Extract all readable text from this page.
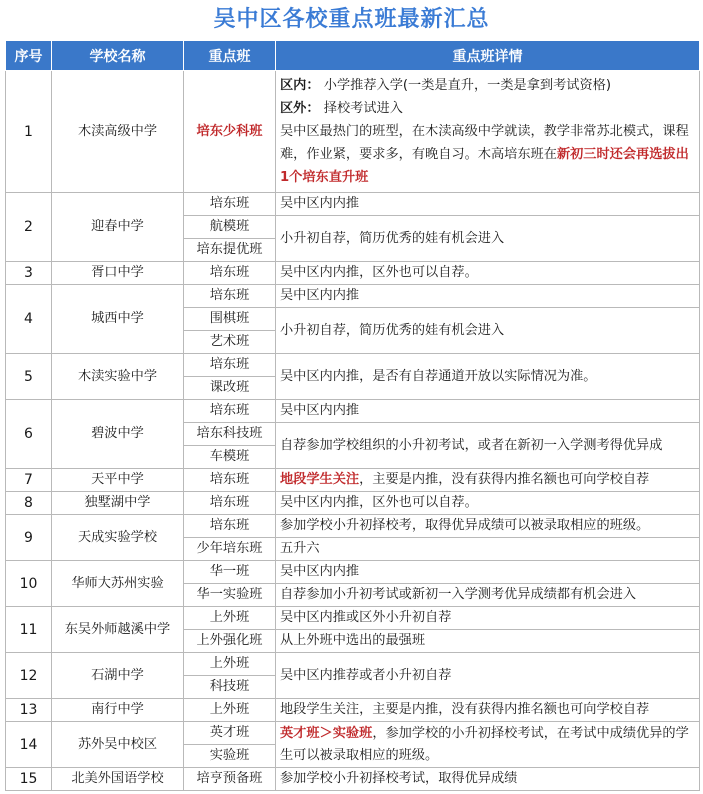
吴中区各校重点班最新汇总
序号	学校名称	重点班	重点班详情
1	木渎高级中学	培东少科班	区内： 小学推荐入学(一类是直升，一类是拿到考试资格)
区外： 择校考试进入
吴中区最热门的班型，在木渎高级中学就读，教学非常苏北模式，课程难，作业紧，要求多，有晚自习。木高培东班在新初三时还会再选拔出1个培东直升班

2	迎春中学	培东班	吴中区内内推
		航模班	小升初自荐，简历优秀的娃有机会进入
		培东提优班	
3	胥口中学	培东班	吴中区内内推，区外也可以自荐。
4	城西中学	培东班	吴中区内内推
		围棋班	小升初自荐，简历优秀的娃有机会进入
		艺术班	
5	木渎实验中学	培东班	吴中区内内推，是否有自荐通道开放以实际情况为准。
		课改班	
6	碧波中学	培东班	吴中区内内推
		培东科技班	自荐参加学校组织的小升初考试，或者在新初一入学测考得优异成
		车模班	
7	天平中学	培东班	地段学生关注，主要是内推，没有获得内推名额也可向学校自荐
8	独墅湖中学	培东班	吴中区内内推，区外也可以自荐。
9	天成实验学校	培东班	参加学校小升初择校考，取得优异成绩可以被录取相应的班级。
		少年培东班	五升六
10	华师大苏州实验	华一班	吴中区内内推
		华一实验班	自荐参加小升初考试或新初一入学测考优异成绩都有机会进入
11	东吴外师越溪中学	上外班	吴中区内推或区外小升初自荐
		上外强化班	从上外班中选出的最强班
12	石湖中学	上外班	吴中区内推荐或者小升初自荐
		科技班	
13	南行中学	上外班	地段学生关注，主要是内推，没有获得内推名额也可向学校自荐
14	苏外吴中校区	英才班	英才班＞实验班，参加学校的小升初择校考试，在考试中成绩优异的学生可以被录取相应的班级。
		实验班	
15	北美外国语学校	培亨预备班	参加学校小升初择校考试，取得优异成绩
